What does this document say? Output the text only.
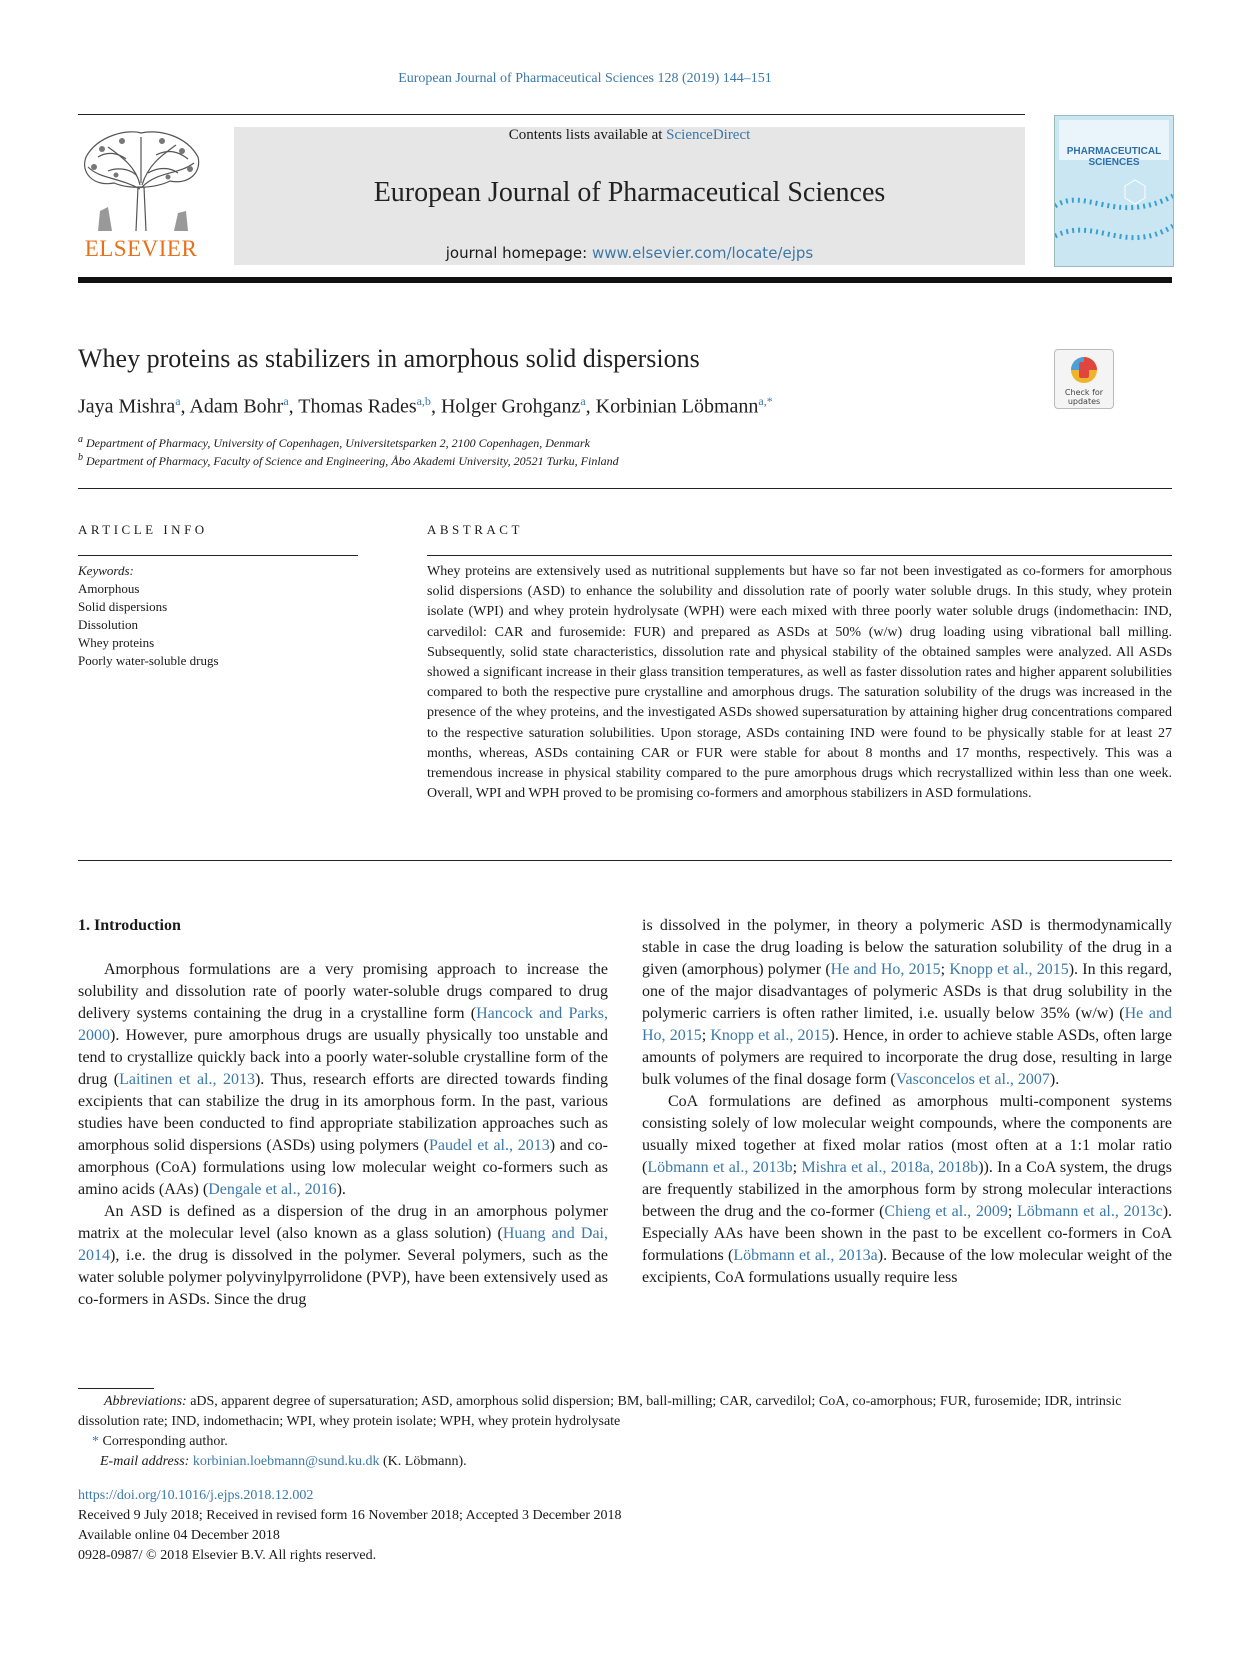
European Journal of Pharmaceutical Sciences 128 (2019) 144–151
ELSEVIER
Contents lists available at ScienceDirect
European Journal of Pharmaceutical Sciences
journal homepage: www.elsevier.com/locate/ejps
PHARMACEUTICAL
SCIENCES
Whey proteins as stabilizers in amorphous solid dispersions
Check for updates
Jaya Mishra$^a$, Adam Bohr$^a$, Thomas Rades$^{a,b}$, Holger Grohganz$^a$, Korbinian Löbmann$^{a,*}$
$^a$ Department of Pharmacy, University of Copenhagen, Universitetsparken 2, 2100 Copenhagen, Denmark
$^b$ Department of Pharmacy, Faculty of Science and Engineering, Åbo Akademi University, 20521 Turku, Finland
ARTICLE INFO
Keywords:
Amorphous
Solid dispersions
Dissolution
Whey proteins
Poorly water-soluble drugs
ABSTRACT
Whey proteins are extensively used as nutritional supplements but have so far not been investigated as co-formers for amorphous solid dispersions (ASD) to enhance the solubility and dissolution rate of poorly water soluble drugs. In this study, whey protein isolate (WPI) and whey protein hydrolysate (WPH) were each mixed with three poorly water soluble drugs (indomethacin: IND, carvedilol: CAR and furosemide: FUR) and prepared as ASDs at 50% (w/w) drug loading using vibrational ball milling. Subsequently, solid state characteristics, dissolution rate and physical stability of the obtained samples were analyzed. All ASDs showed a significant increase in their glass transition temperatures, as well as faster dissolution rates and higher apparent solubilities compared to both the respective pure crystalline and amorphous drugs. The saturation solubility of the drugs was increased in the presence of the whey proteins, and the investigated ASDs showed supersaturation by attaining higher drug concentrations compared to the respective saturation solubilities. Upon storage, ASDs containing IND were found to be physically stable for at least 27 months, whereas, ASDs containing CAR or FUR were stable for about 8 months and 17 months, respectively. This was a tremendous increase in physical stability compared to the pure amorphous drugs which recrystallized within less than one week. Overall, WPI and WPH proved to be promising co-formers and amorphous stabilizers in ASD formulations.
1. Introduction

Amorphous formulations are a very promising approach to increase the solubility and dissolution rate of poorly water-soluble drugs compared to drug delivery systems containing the drug in a crystalline form (Hancock and Parks, 2000). However, pure amorphous drugs are usually physically too unstable and tend to crystallize quickly back into a poorly water-soluble crystalline form of the drug (Laitinen et al., 2013). Thus, research efforts are directed towards finding excipients that can stabilize the drug in its amorphous form. In the past, various studies have been conducted to find appropriate stabilization approaches such as amorphous solid dispersions (ASDs) using polymers (Paudel et al., 2013) and co-amorphous (CoA) formulations using low molecular weight co-formers such as amino acids (AAs) (Dengale et al., 2016).

An ASD is defined as a dispersion of the drug in an amorphous polymer matrix at the molecular level (also known as a glass solution) (Huang and Dai, 2014), i.e. the drug is dissolved in the polymer. Several polymers, such as the water soluble polymer polyvinylpyrrolidone (PVP), have been extensively used as co-formers in ASDs. Since the drug

is dissolved in the polymer, in theory a polymeric ASD is thermodynamically stable in case the drug loading is below the saturation solubility of the drug in a given (amorphous) polymer (He and Ho, 2015; Knopp et al., 2015). In this regard, one of the major disadvantages of polymeric ASDs is that drug solubility in the polymeric carriers is often rather limited, i.e. usually below 35% (w/w) (He and Ho, 2015; Knopp et al., 2015). Hence, in order to achieve stable ASDs, often large amounts of polymers are required to incorporate the drug dose, resulting in large bulk volumes of the final dosage form (Vasconcelos et al., 2007).

CoA formulations are defined as amorphous multi-component systems consisting solely of low molecular weight compounds, where the components are usually mixed together at fixed molar ratios (most often at a 1:1 molar ratio (Löbmann et al., 2013b; Mishra et al., 2018a, 2018b)). In a CoA system, the drugs are frequently stabilized in the amorphous form by strong molecular interactions between the drug and the co-former (Chieng et al., 2009; Löbmann et al., 2013c). Especially AAs have been shown in the past to be excellent co-formers in CoA formulations (Löbmann et al., 2013a). Because of the low molecular weight of the excipients, CoA formulations usually require less

Abbreviations: aDS, apparent degree of supersaturation; ASD, amorphous solid dispersion; BM, ball-milling; CAR, carvedilol; CoA, co-amorphous; FUR, furosemide; IDR, intrinsic dissolution rate; IND, indomethacin; WPI, whey protein isolate; WPH, whey protein hydrolysate
* Corresponding author.
E-mail address: korbinian.loebmann@sund.ku.dk (K. Löbmann).
https://doi.org/10.1016/j.ejps.2018.12.002
Received 9 July 2018; Received in revised form 16 November 2018; Accepted 3 December 2018
Available online 04 December 2018
0928-0987/ © 2018 Elsevier B.V. All rights reserved.
